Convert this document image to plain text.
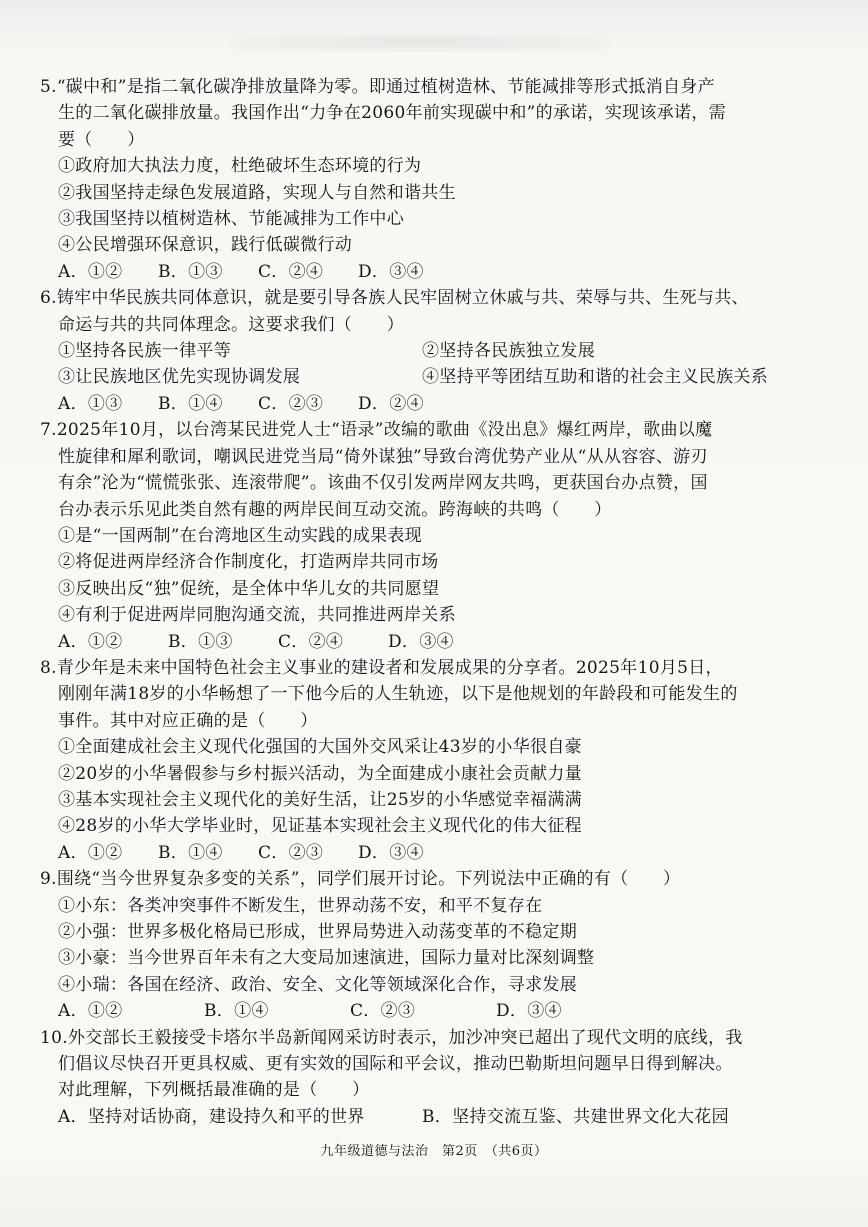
5.“碳中和”是指二氧化碳净排放量降为零。即通过植树造林、节能减排等形式抵消自身产
生的二氧化碳排放量。我国作出“力争在2060年前实现碳中和”的承诺，实现该承诺，需
要（　　）
①政府加大执法力度，杜绝破坏生态环境的行为
②我国坚持走绿色发展道路，实现人与自然和谐共生
③我国坚持以植树造林、节能减排为工作中心
④公民增强环保意识，践行低碳微行动
A．①②	B．①③	C．②④	D．③④
6.铸牢中华民族共同体意识，就是要引导各族人民牢固树立休戚与共、荣辱与共、生死与共、
命运与共的共同体理念。这要求我们（　　）
①坚持各民族一律平等	②坚持各民族独立发展
③让民族地区优先实现协调发展	④坚持平等团结互助和谐的社会主义民族关系
A．①③	B．①④	C．②③	D．②④
7.2025年10月，以台湾某民进党人士“语录”改编的歌曲《没出息》爆红两岸，歌曲以魔
性旋律和犀利歌词，嘲讽民进党当局“倚外谋独”导致台湾优势产业从“从从容容、游刃
有余”沦为“慌慌张张、连滚带爬”。该曲不仅引发两岸网友共鸣，更获国台办点赞，国
台办表示乐见此类自然有趣的两岸民间互动交流。跨海峡的共鸣（　　）
①是“一国两制”在台湾地区生动实践的成果表现
②将促进两岸经济合作制度化，打造两岸共同市场
③反映出反“独”促统，是全体中华儿女的共同愿望
④有利于促进两岸同胞沟通交流，共同推进两岸关系
A．①②	B．①③	C．②④	D．③④
8.青少年是未来中国特色社会主义事业的建设者和发展成果的分享者。2025年10月5日，
刚刚年满18岁的小华畅想了一下他今后的人生轨迹，以下是他规划的年龄段和可能发生的
事件。其中对应正确的是（　　）
①全面建成社会主义现代化强国的大国外交风采让43岁的小华很自豪
②20岁的小华暑假参与乡村振兴活动，为全面建成小康社会贡献力量
③基本实现社会主义现代化的美好生活，让25岁的小华感觉幸福满满
④28岁的小华大学毕业时，见证基本实现社会主义现代化的伟大征程
A．①②	B．①④	C．②③	D．③④
9.围绕“当今世界复杂多变的关系”，同学们展开讨论。下列说法中正确的有（　　）
①小东：各类冲突事件不断发生，世界动荡不安，和平不复存在
②小强：世界多极化格局已形成，世界局势进入动荡变革的不稳定期
③小豪：当今世界百年未有之大变局加速演进，国际力量对比深刻调整
④小瑞：各国在经济、政治、安全、文化等领域深化合作，寻求发展
A．①②	B．①④	C．②③	D．③④
10.外交部长王毅接受卡塔尔半岛新闻网采访时表示，加沙冲突已超出了现代文明的底线，我
们倡议尽快召开更具权威、更有实效的国际和平会议，推动巴勒斯坦问题早日得到解决。
对此理解，下列概括最准确的是（　　）
A．坚持对话协商，建设持久和平的世界	B．坚持交流互鉴、共建世界文化大花园
九年级道德与法治　第2页　（共6页）
